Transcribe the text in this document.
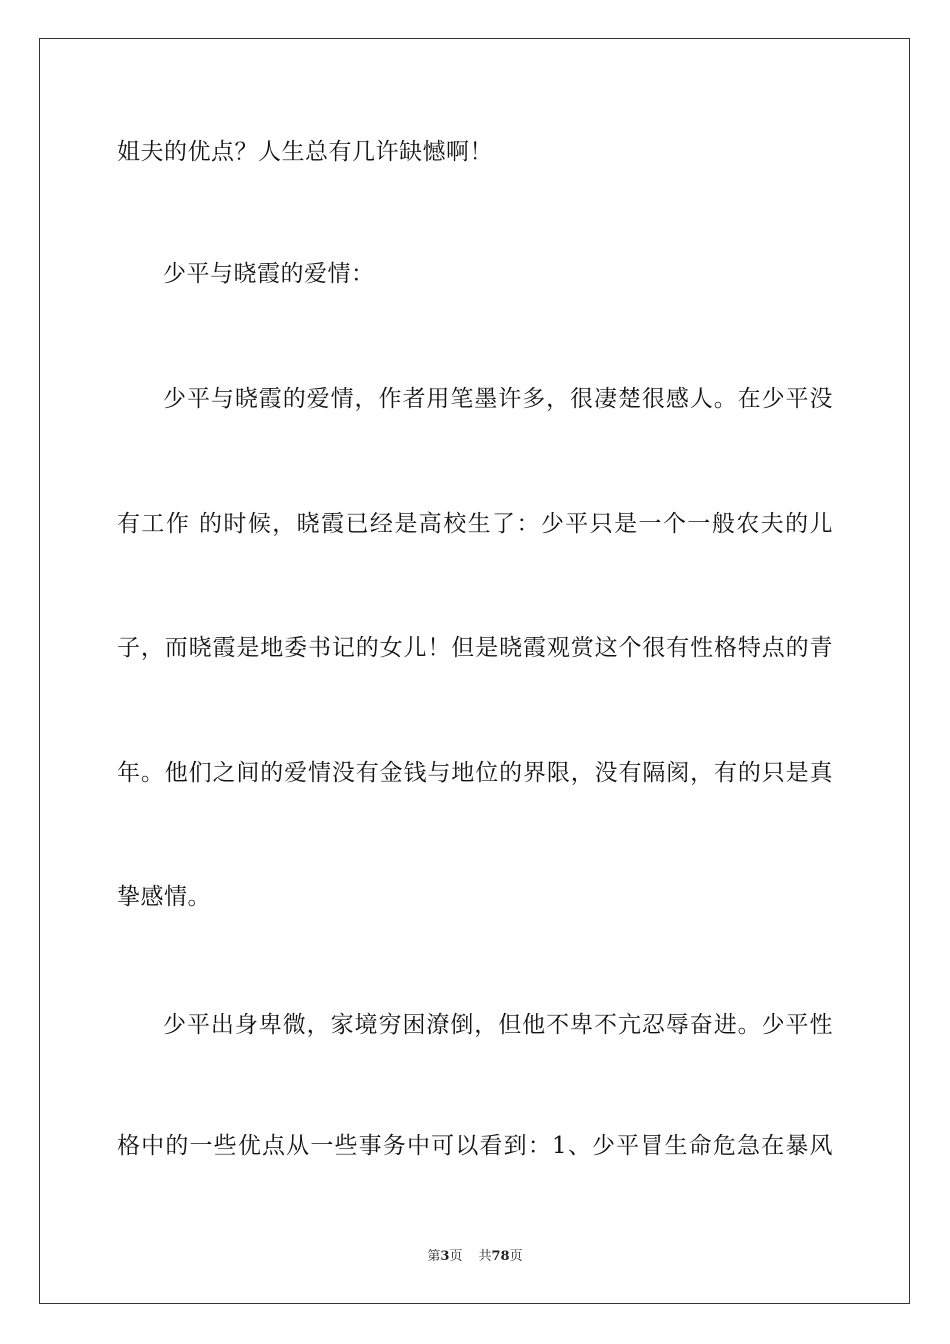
姐夫的优点？人生总有几许缺憾啊！
少平与晓霞的爱情：
少平与晓霞的爱情，作者用笔墨许多，很凄楚很感人。在少平没
有工作 的时候，晓霞已经是高校生了：少平只是一个一般农夫的儿
子，而晓霞是地委书记的女儿！但是晓霞观赏这个很有性格特点的青
年。他们之间的爱情没有金钱与地位的界限，没有隔阂，有的只是真
挚感情。
少平出身卑微，家境穷困潦倒，但他不卑不亢忍辱奋进。少平性
格中的一些优点从一些事务中可以看到：1、少平冒生命危急在暴风
第3页 共78页
